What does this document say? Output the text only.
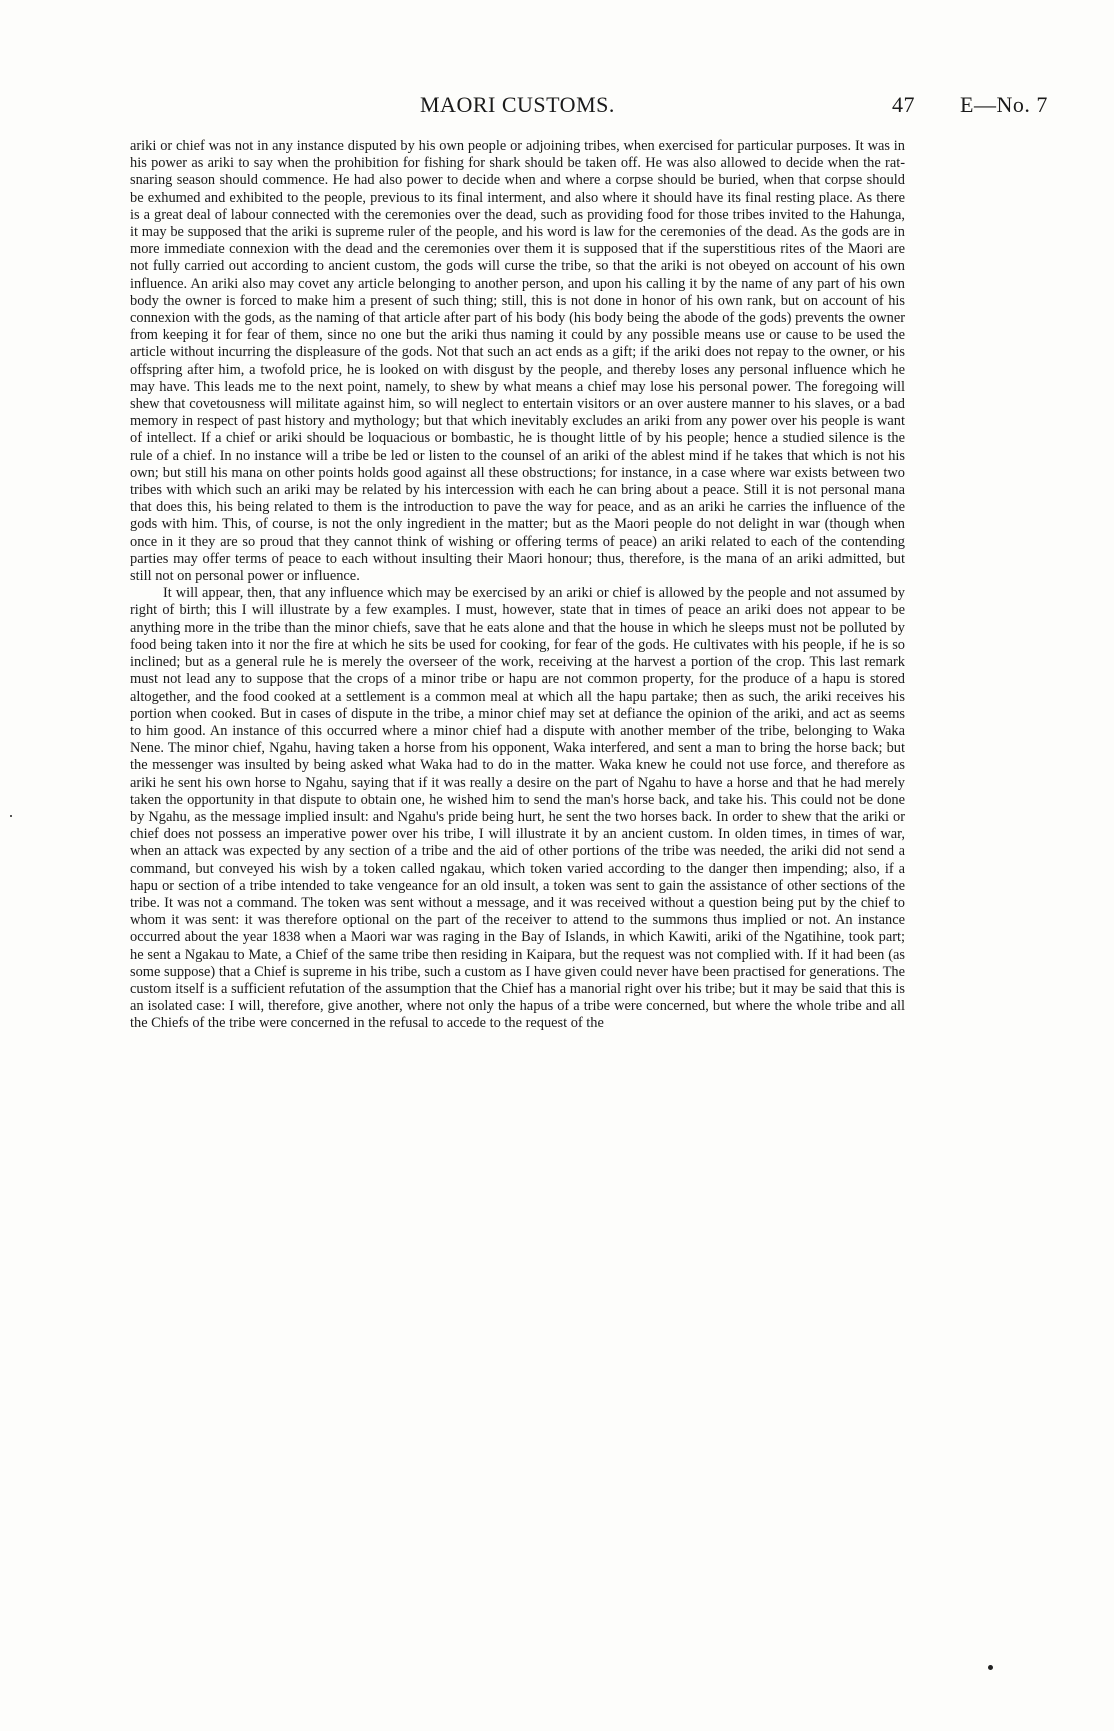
MAORI CUSTOMS.	47 E—No. 7

ariki or chief was not in any instance disputed by his own people or adjoining tribes, when exercised for particular purposes. It was in his power as ariki to say when the prohibition for fishing for shark should be taken off. He was also allowed to decide when the rat-snaring season should commence. He had also power to decide when and where a corpse should be buried, when that corpse should be exhumed and exhibited to the people, previous to its final interment, and also where it should have its final resting place. As there is a great deal of labour connected with the ceremonies over the dead, such as providing food for those tribes invited to the Hahunga, it may be supposed that the ariki is supreme ruler of the people, and his word is law for the ceremonies of the dead. As the gods are in more immediate connexion with the dead and the ceremonies over them it is supposed that if the superstitious rites of the Maori are not fully carried out according to ancient custom, the gods will curse the tribe, so that the ariki is not obeyed on account of his own influence. An ariki also may covet any article belonging to another person, and upon his calling it by the name of any part of his own body the owner is forced to make him a present of such thing; still, this is not done in honor of his own rank, but on account of his connexion with the gods, as the naming of that article after part of his body (his body being the abode of the gods) prevents the owner from keeping it for fear of them, since no one but the ariki thus naming it could by any possible means use or cause to be used the article without incurring the displeasure of the gods. Not that such an act ends as a gift; if the ariki does not repay to the owner, or his offspring after him, a twofold price, he is looked on with disgust by the people, and thereby loses any personal influence which he may have. This leads me to the next point, namely, to shew by what means a chief may lose his personal power. The foregoing will shew that covetousness will militate against him, so will neglect to entertain visitors or an over austere manner to his slaves, or a bad memory in respect of past history and mythology; but that which inevitably excludes an ariki from any power over his people is want of intellect. If a chief or ariki should be loquacious or bombastic, he is thought little of by his people; hence a studied silence is the rule of a chief. In no instance will a tribe be led or listen to the counsel of an ariki of the ablest mind if he takes that which is not his own; but still his mana on other points holds good against all these obstructions; for instance, in a case where war exists between two tribes with which such an ariki may be related by his intercession with each he can bring about a peace. Still it is not personal mana that does this, his being related to them is the introduction to pave the way for peace, and as an ariki he carries the influence of the gods with him. This, of course, is not the only ingredient in the matter; but as the Maori people do not delight in war (though when once in it they are so proud that they cannot think of wishing or offering terms of peace) an ariki related to each of the contending parties may offer terms of peace to each without insulting their Maori honour; thus, therefore, is the mana of an ariki admitted, but still not on personal power or influence.

It will appear, then, that any influence which may be exercised by an ariki or chief is allowed by the people and not assumed by right of birth; this I will illustrate by a few examples. I must, however, state that in times of peace an ariki does not appear to be anything more in the tribe than the minor chiefs, save that he eats alone and that the house in which he sleeps must not be polluted by food being taken into it nor the fire at which he sits be used for cooking, for fear of the gods. He cultivates with his people, if he is so inclined; but as a general rule he is merely the overseer of the work, receiving at the harvest a portion of the crop. This last remark must not lead any to suppose that the crops of a minor tribe or hapu are not common property, for the produce of a hapu is stored altogether, and the food cooked at a settlement is a common meal at which all the hapu partake; then as such, the ariki receives his portion when cooked. But in cases of dispute in the tribe, a minor chief may set at defiance the opinion of the ariki, and act as seems to him good. An instance of this occurred where a minor chief had a dispute with another member of the tribe, belonging to Waka Nene. The minor chief, Ngahu, having taken a horse from his opponent, Waka interfered, and sent a man to bring the horse back; but the messenger was insulted by being asked what Waka had to do in the matter. Waka knew he could not use force, and therefore as ariki he sent his own horse to Ngahu, saying that if it was really a desire on the part of Ngahu to have a horse and that he had merely taken the opportunity in that dispute to obtain one, he wished him to send the man's horse back, and take his. This could not be done by Ngahu, as the message implied insult: and Ngahu's pride being hurt, he sent the two horses back. In order to shew that the ariki or chief does not possess an imperative power over his tribe, I will illustrate it by an ancient custom. In olden times, in times of war, when an attack was expected by any section of a tribe and the aid of other portions of the tribe was needed, the ariki did not send a command, but conveyed his wish by a token called ngakau, which token varied according to the danger then impending; also, if a hapu or section of a tribe intended to take vengeance for an old insult, a token was sent to gain the assistance of other sections of the tribe. It was not a command. The token was sent without a message, and it was received without a question being put by the chief to whom it was sent: it was therefore optional on the part of the receiver to attend to the summons thus implied or not. An instance occurred about the year 1838 when a Maori war was raging in the Bay of Islands, in which Kawiti, ariki of the Ngatihine, took part; he sent a Ngakau to Mate, a Chief of the same tribe then residing in Kaipara, but the request was not complied with. If it had been (as some suppose) that a Chief is supreme in his tribe, such a custom as I have given could never have been practised for generations. The custom itself is a sufficient refutation of the assumption that the Chief has a manorial right over his tribe; but it may be said that this is an isolated case: I will, therefore, give another, where not only the hapus of a tribe were concerned, but where the whole tribe and all the Chiefs of the tribe were concerned in the refusal to accede to the request of the
